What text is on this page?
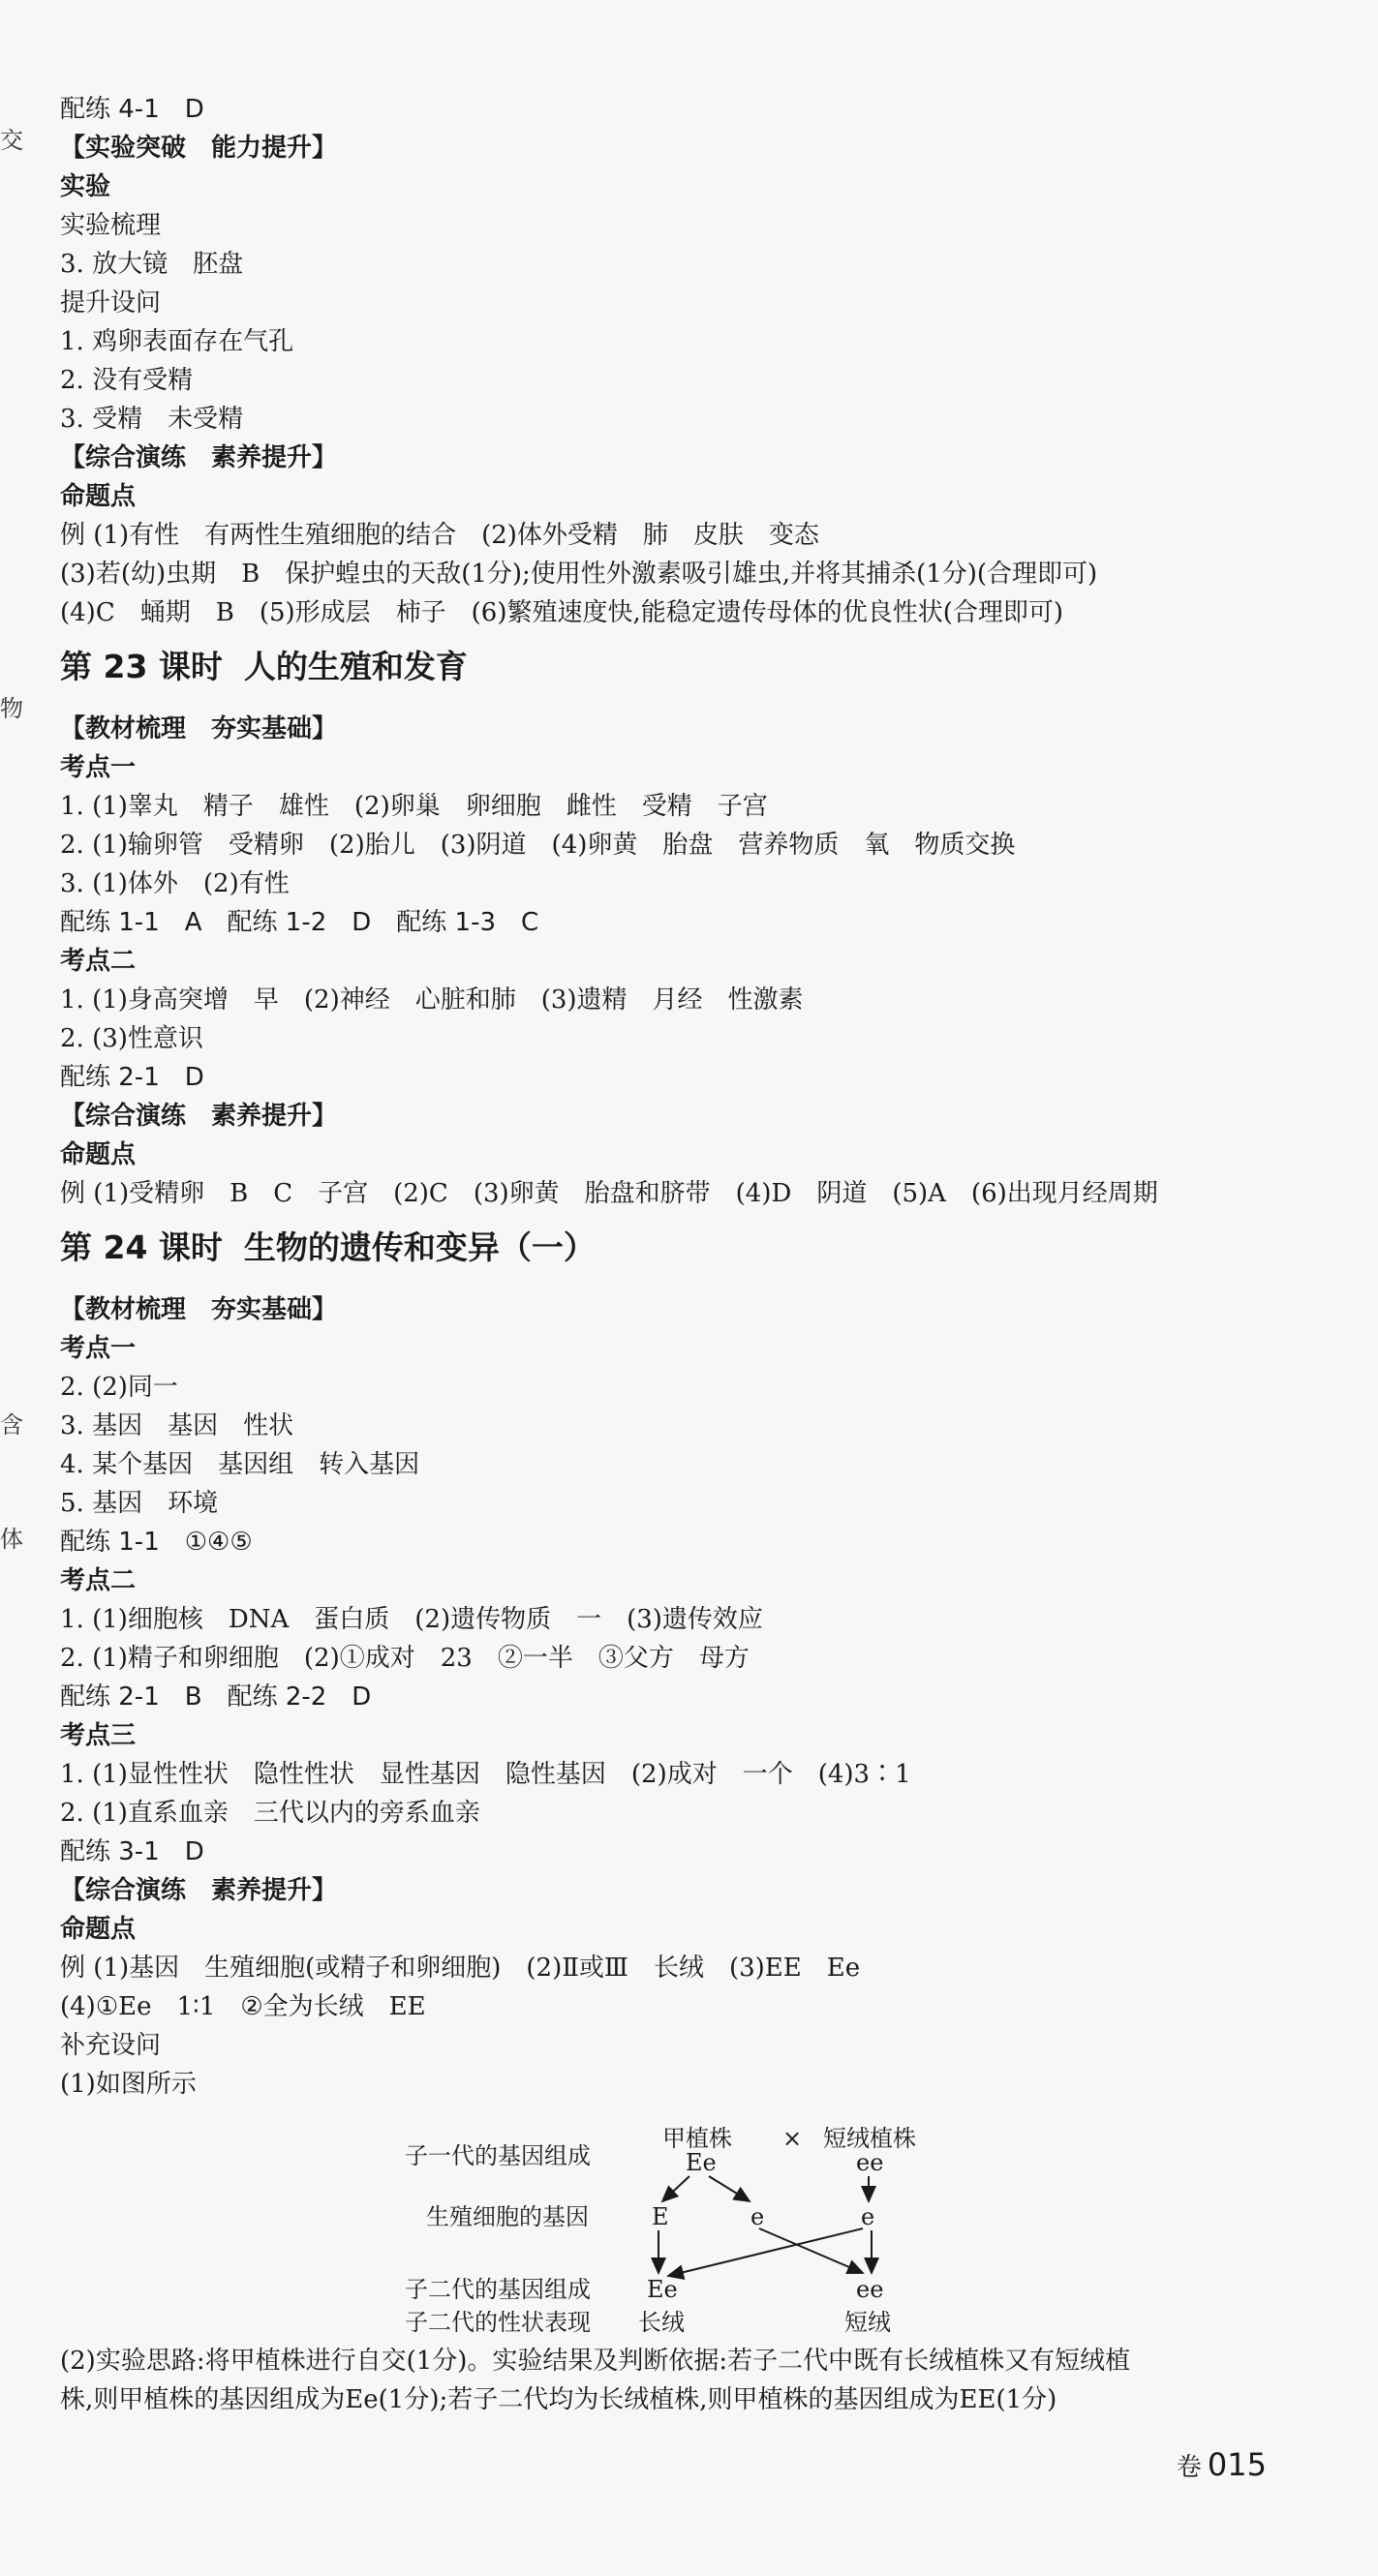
交
物
含
体
配练 4-1　D
【实验突破　能力提升】
实验
实验梳理
3. 放大镜　胚盘
提升设问
1. 鸡卵表面存在气孔
2. 没有受精
3. 受精　未受精
【综合演练　素养提升】
命题点
例 (1)有性　有两性生殖细胞的结合　(2)体外受精　肺　皮肤　变态
(3)若(幼)虫期　B　保护蝗虫的天敌(1分);使用性外激素吸引雄虫,并将其捕杀(1分)(合理即可)
(4)C　蛹期　B　(5)形成层　柿子　(6)繁殖速度快,能稳定遗传母体的优良性状(合理即可)
【教材梳理　夯实基础】
考点一
1. (1)睾丸　精子　雄性　(2)卵巢　卵细胞　雌性　受精　子宫
2. (1)输卵管　受精卵　(2)胎儿　(3)阴道　(4)卵黄　胎盘　营养物质　氧　物质交换
3. (1)体外　(2)有性
配练 1-1　A　配练 1-2　D　配练 1-3　C
考点二
1. (1)身高突增　早　(2)神经　心脏和肺　(3)遗精　月经　性激素
2. (3)性意识
配练 2-1　D
【综合演练　素养提升】
命题点
例 (1)受精卵　B　C　子宫　(2)C　(3)卵黄　胎盘和脐带　(4)D　阴道　(5)A　(6)出现月经周期
【教材梳理　夯实基础】
考点一
2. (2)同一
3. 基因　基因　性状
4. 某个基因　基因组　转入基因
5. 基因　环境
配练 1-1　①④⑤
考点二
1. (1)细胞核　DNA　蛋白质　(2)遗传物质　一　(3)遗传效应
2. (1)精子和卵细胞　(2)①成对　23　②一半　③父方　母方
配练 2-1　B　配练 2-2　D
考点三
1. (1)显性性状　隐性性状　显性基因　隐性基因　(2)成对　一个　(4)3∶1
2. (1)直系血亲　三代以内的旁系血亲
配练 3-1　D
【综合演练　素养提升】
命题点
例 (1)基因　生殖细胞(或精子和卵细胞)　(2)Ⅱ或Ⅲ　长绒　(3)EE　Ee
(4)①Ee　1∶1　②全为长绒　EE
补充设问
(1)如图所示
(2)实验思路:将甲植株进行自交(1分)。实验结果及判断依据:若子二代中既有长绒植株又有短绒植
株,则甲植株的基因组成为Ee(1分);若子二代均为长绒植株,则甲植株的基因组成为EE(1分)
第 23 课时 人的生殖和发育
第 24 课时 生物的遗传和变异（一）
子一代的基因组成
生殖细胞的基因
子二代的基因组成
子二代的性状表现
甲植株 × 短绒植株
Ee	ee
E	e	e
Ee	ee
长绒	短绒
卷 015
